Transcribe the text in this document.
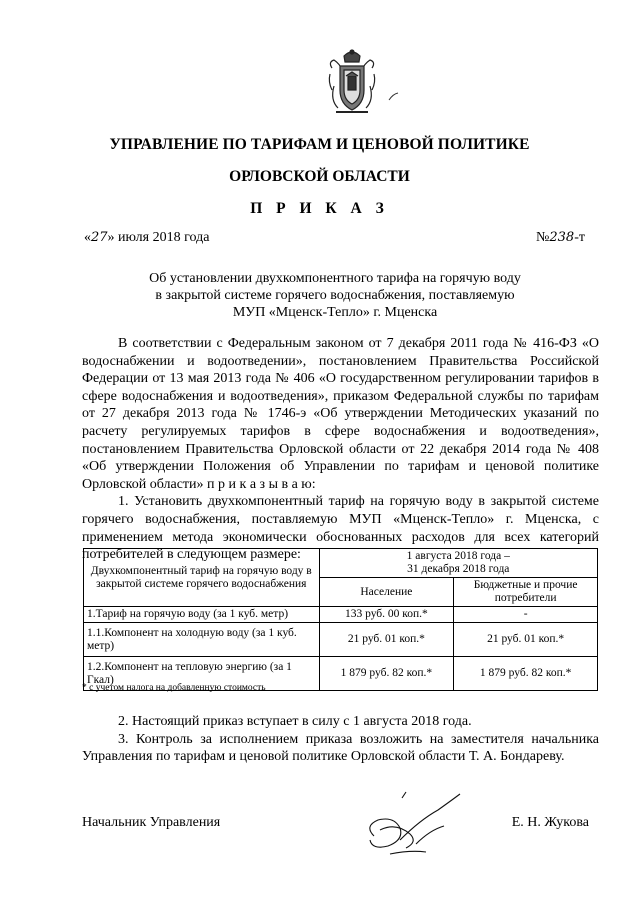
УПРАВЛЕНИЕ ПО ТАРИФАМ И ЦЕНОВОЙ ПОЛИТИКЕ
ОРЛОВСКОЙ ОБЛАСТИ
П Р И К А З
«27» июля 2018 года	№238-т
Об установлении двухкомпонентного тарифа на горячую воду
в закрытой системе горячего водоснабжения, поставляемую
МУП «Мценск-Тепло» г. Мценска

В соответствии с Федеральным законом от 7 декабря 2011 года № 416-ФЗ «О водоснабжении и водоотведении», постановлением Правительства Российской Федерации от 13 мая 2013 года № 406 «О государственном регулировании тарифов в сфере водоснабжения и водоотведения», приказом Федеральной службы по тарифам от 27 декабря 2013 года № 1746-э «Об утверждении Методических указаний по расчету регулируемых тарифов в сфере водоснабжения и водоотведения», постановлением Правительства Орловской области от 22 декабря 2014 года № 408 «Об утверждении Положения об Управлении по тарифам и ценовой политике Орловской области» п р и к а з ы в а ю:

1. Установить двухкомпонентный тариф на горячую воду в закрытой системе горячего водоснабжения, поставляемую МУП «Мценск-Тепло» г. Мценска, с применением метода экономически обоснованных расходов для всех категорий потребителей в следующем размере:

Двухкомпонентный тариф на горячую воду в закрытой системе горячего водоснабжения	1 августа 2018 года –
31 декабря 2018 года	

	Население	Бюджетные и прочие потребители
1.Тариф на горячую воду (за 1 куб. метр)	133 руб. 00 коп.*	-
1.1.Компонент на холодную воду (за 1 куб. метр)	21 руб. 01 коп.*	21 руб. 01 коп.*
1.2.Компонент на тепловую энергию (за 1 Гкал)	1 879 руб. 82 коп.*	1 879 руб. 82 коп.*
* с учетом налога на добавленную стоимость

2. Настоящий приказ вступает в силу с 1 августа 2018 года.

3. Контроль за исполнением приказа возложить на заместителя начальника Управления по тарифам и ценовой политике Орловской области Т. А. Бондареву.

Начальник Управления	Е. Н. Жукова
